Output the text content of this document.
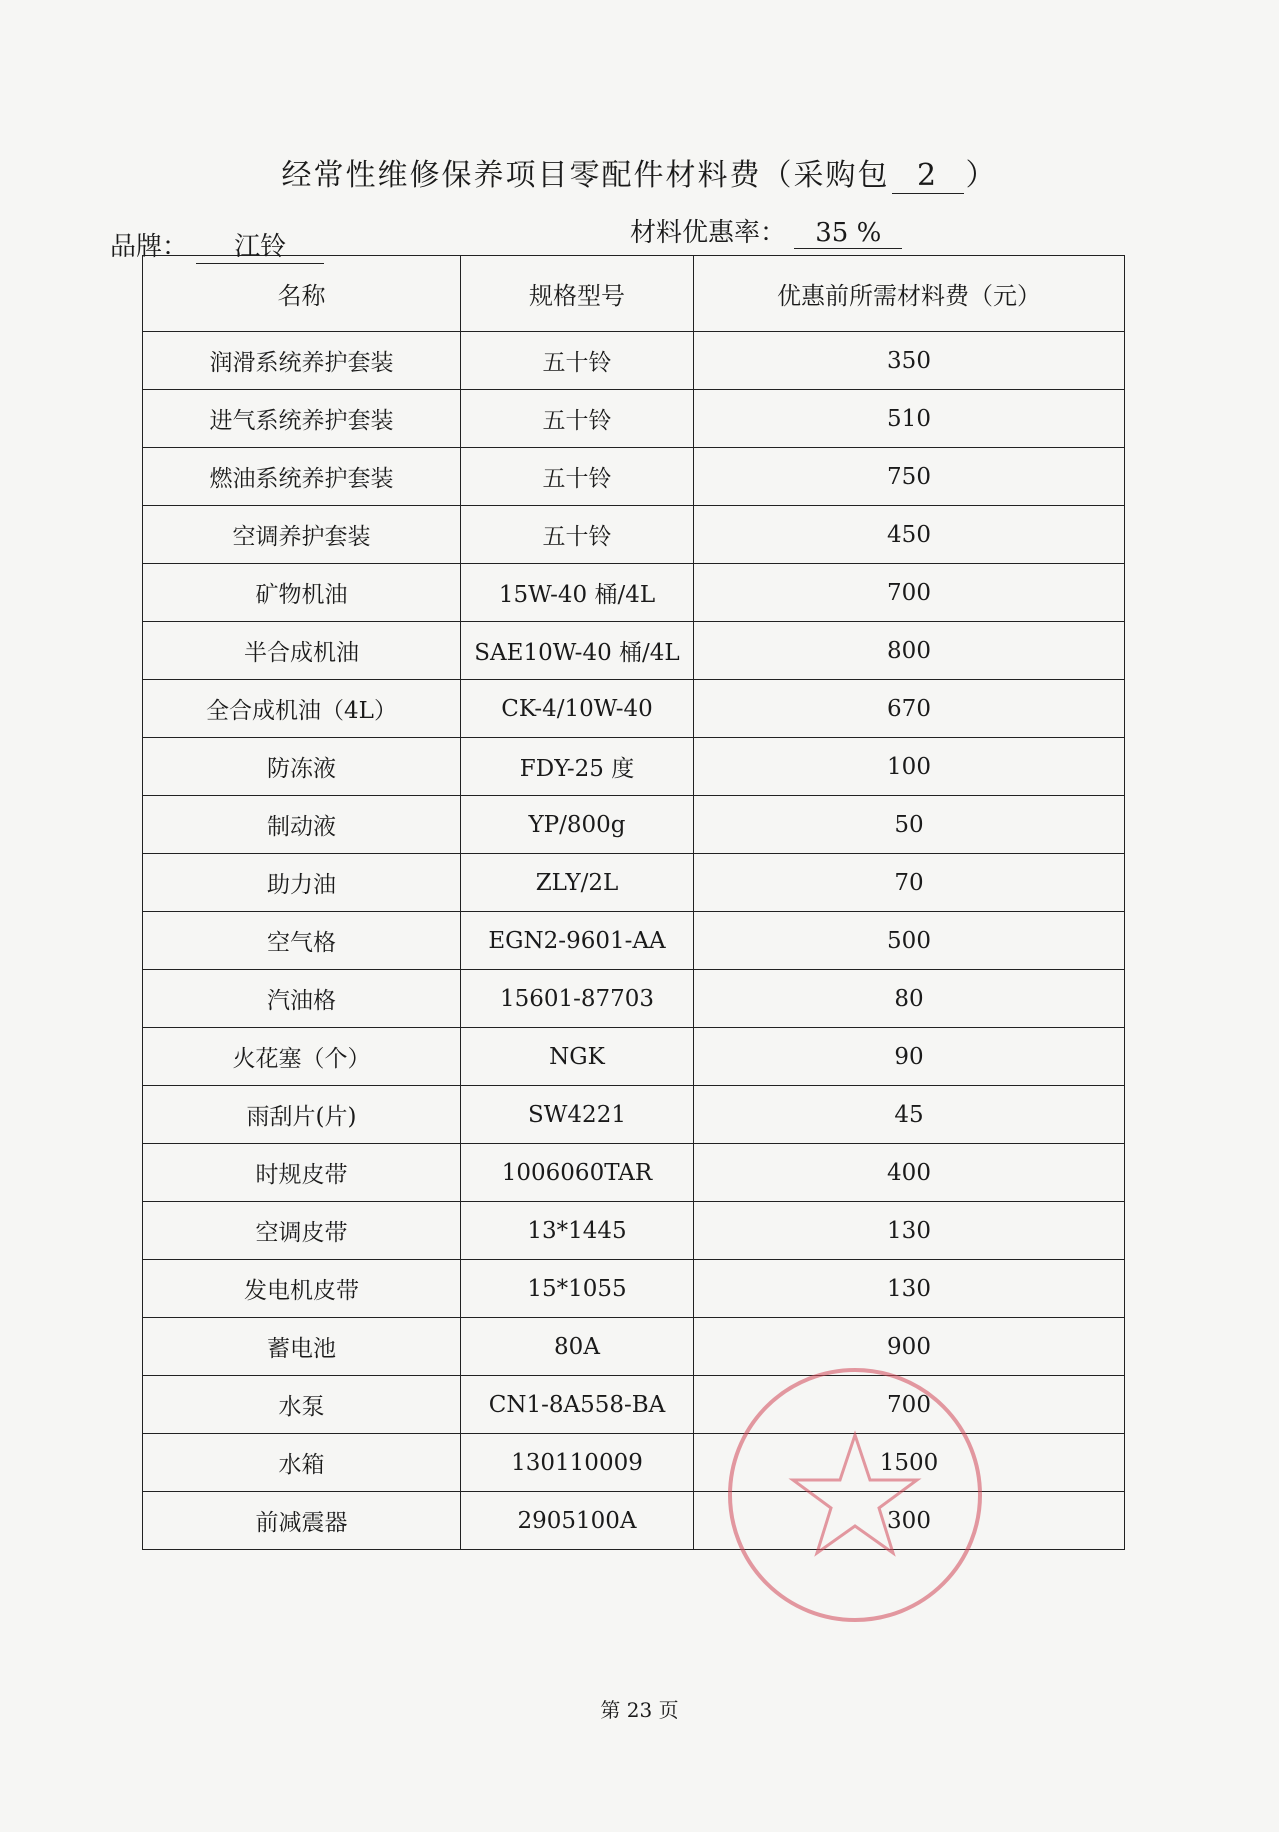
经常性维修保养项目零配件材料费（采购包 2 ）
品牌： 江铃	材料优惠率： 35 %
名称	规格型号	优惠前所需材料费（元）
润滑系统养护套装	五十铃	350
进气系统养护套装	五十铃	510
燃油系统养护套装	五十铃	750
空调养护套装	五十铃	450
矿物机油	15W-40 桶/4L	700
半合成机油	SAE10W-40 桶/4L	800
全合成机油（4L）	CK-4/10W-40	670
防冻液	FDY-25 度	100
制动液	YP/800g	50
助力油	ZLY/2L	70
空气格	EGN2-9601-AA	500
汽油格	15601-87703	80
火花塞（个）	NGK	90
雨刮片(片)	SW4221	45
时规皮带	1006060TAR	400
空调皮带	13*1445	130
发电机皮带	15*1055	130
蓄电池	80A	900
水泵	CN1-8A558-BA	700
水箱	130110009	1500
前减震器	2905100A	300
第 23 页
